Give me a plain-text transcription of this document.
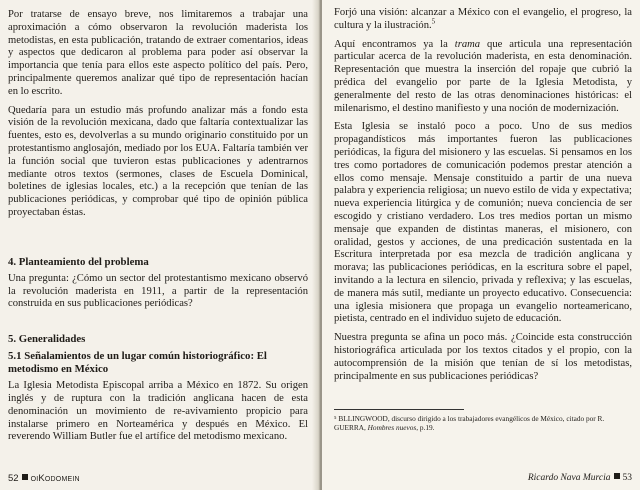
Por tratarse de ensayo breve, nos limitaremos a trabajar una aproximación a cómo observaron la revolución maderista los metodistas, en esta publicación, tratando de extraer comentarios, ideas y aspectos que dedicaron al problema para poder así observar la importancia que tenía para ellos este aspecto político del país. Pero, principalmente queremos analizar qué tipo de representación hacían en lo escrito.

Quedaría para un estudio más profundo analizar más a fondo esta visión de la revolución mexicana, dado que faltaría contextualizar las fuentes, esto es, devolverlas a su mundo originario constituido por un protestantismo anglosajón, mediado por los EUA. Faltaría también ver la función social que tuvieron estas publicaciones y adentrarnos mediante otros textos (sermones, clases de Escuela Dominical, boletines de iglesias locales, etc.) a la recepción que tenían de las publicaciones periódicas, y comprobar qué tipo de opinión pública proyectaban éstas.

4. Planteamiento del problema

Una pregunta: ¿Cómo un sector del protestantismo mexicano observó la revolución maderista en 1911, a partir de la representación construida en sus publicaciones periódicas?

5. Generalidades
5.1 Señalamientos de un lugar común historiográfico: El metodismo en México

La Iglesia Metodista Episcopal arriba a México en 1872. Su origen inglés y de ruptura con la tradición anglicana hacen de esta denominación un movimiento de re-avivamiento propicio para instalarse primero en Norteamérica y después en México. El reverendo William Butler fue el artífice del metodismo mexicano.

52 oiKodomein

Forjó una visión: alcanzar a México con el evangelio, el progreso, la cultura y la ilustración.$^5$

Aquí encontramos ya la trama que articula una representación particular acerca de la revolución maderista, en esta denominación. Representación que muestra la inserción del ropaje que cubrió la prédica del evangelio por parte de la Iglesia Metodista, y generalmente del resto de las otras denominaciones históricas: el milenarismo, el destino manifiesto y una noción de modernización.

Esta Iglesia se instaló poco a poco. Uno de sus medios propagandísticos más importantes fueron las publicaciones periódicas, la figura del misionero y las escuelas. Si pensamos en los tres como portadores de comunicación podemos prestar atención a ellos como mensaje. Mensaje constituido a partir de una nueva palabra y experiencia religiosa; un nuevo estilo de vida y expectativa; nueva experiencia litúrgica y de comunión; nueva conciencia de ser escogido y cristiano verdadero. Los tres medios portan un mismo mensaje que expanden de distintas maneras, el misionero, con oralidad, gestos y acciones, de una predicación sustentada en la Escritura interpretada por esa mezcla de tradición anglicana y morava; las publicaciones periódicas, en la escritura sobre el papel, invitando a la lectura en silencio, privada y reflexiva; y las escuelas, de manera más sutil, mediante un proyecto educativo. Consecuencia: una iglesia misionera que propaga un evangelio norteamericano, pietista, centrado en el individuo sujeto de educación.

Nuestra pregunta se afina un poco más. ¿Coincide esta construcción historiográfica articulada por los textos citados y el propio, con la autocomprensión de la misión que tenían de sí los metodistas, principalmente en sus publicaciones periódicas?

⁵ BLLINGWOOD, discurso dirigido a los trabajadores evangélicos de México, citado por R. GUERRA, Hombres nuevos, p.19.

Ricardo Nava Murcia 53
